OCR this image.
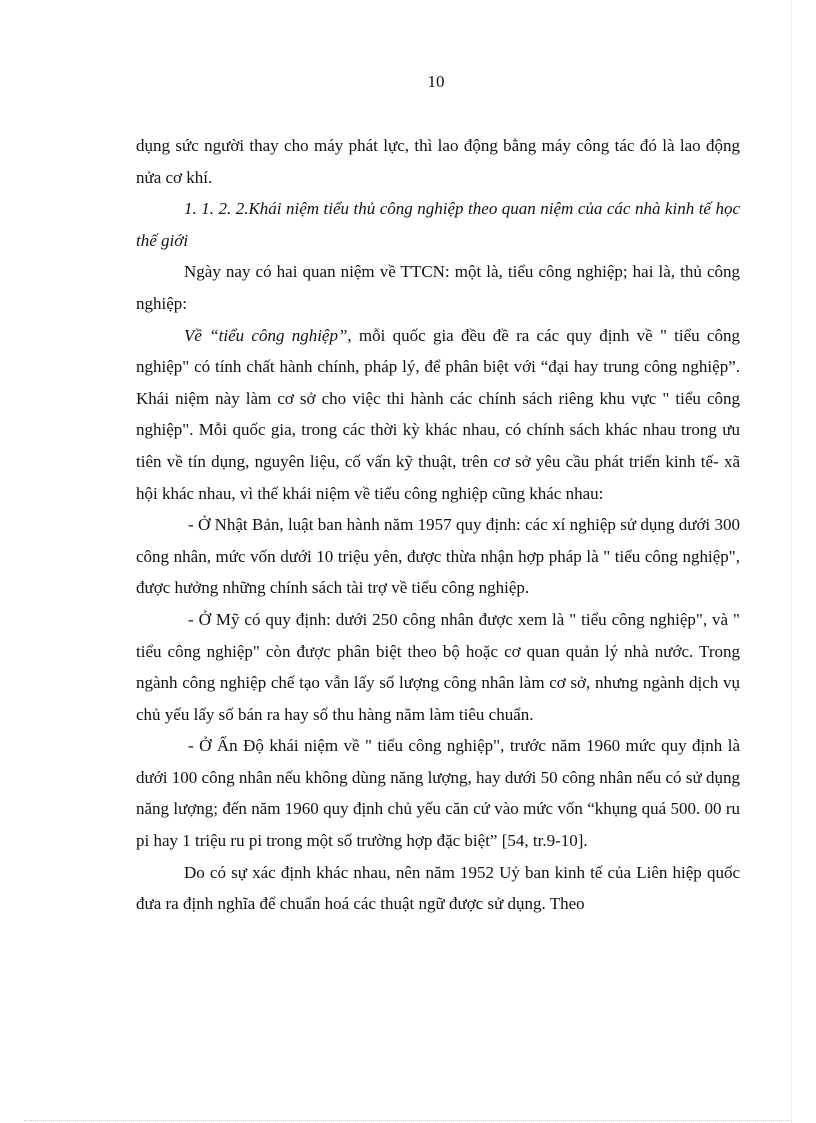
10

dụng sức người thay cho máy phát lực, thì lao động bằng máy công tác đó là lao động nửa cơ khí.

1. 1. 2. 2.Khái niệm tiểu thủ công nghiệp theo quan niệm của các nhà kinh tế học thế giới

Ngày nay có hai quan niệm về TTCN: một là, tiểu công nghiệp; hai là, thủ công nghiệp:

Về “tiểu công nghiệp”, mỗi quốc gia đều đề ra các quy định về " tiểu công nghiệp" có tính chất hành chính, pháp lý, để phân biệt với “đại hay trung công nghiệp”. Khái niệm này làm cơ sở cho việc thi hành các chính sách riêng khu vực " tiểu công nghiệp". Mỗi quốc gia, trong các thời kỳ khác nhau, có chính sách khác nhau trong ưu tiên về tín dụng, nguyên liệu, cố vấn kỹ thuật, trên cơ sở yêu cầu phát triển kinh tế- xã hội khác nhau, vì thế khái niệm về tiểu công nghiệp cũng khác nhau:

- Ở Nhật Bản, luật ban hành năm 1957 quy định: các xí nghiệp sử dụng dưới 300 công nhân, mức vốn dưới 10 triệu yên, được thừa nhận hợp pháp là " tiểu công nghiệp", được hưởng những chính sách tài trợ về tiểu công nghiệp.

- Ở Mỹ có quy định: dưới 250 công nhân được xem là " tiểu công nghiệp", và " tiểu công nghiệp" còn được phân biệt theo bộ hoặc cơ quan quản lý nhà nước. Trong ngành công nghiệp chế tạo vẫn lấy số lượng công nhân làm cơ sở, nhưng ngành dịch vụ chủ yếu lấy số bán ra hay số thu hàng năm làm tiêu chuẩn.

- Ở Ấn Độ khái niệm về " tiểu công nghiệp", trước năm 1960 mức quy định là dưới 100 công nhân nếu không dùng năng lượng, hay dưới 50 công nhân nếu có sử dụng năng lượng; đến năm 1960 quy định chủ yếu căn cứ vào mức vốn “khụng quá 500. 00 ru pi hay 1 triệu ru pi trong một số trường hợp đặc biệt” [54, tr.9-10].

Do có sự xác định khác nhau, nên năm 1952 Uỷ ban kinh tế của Liên hiệp quốc đưa ra định nghĩa để chuẩn hoá các thuật ngữ được sử dụng. Theo
